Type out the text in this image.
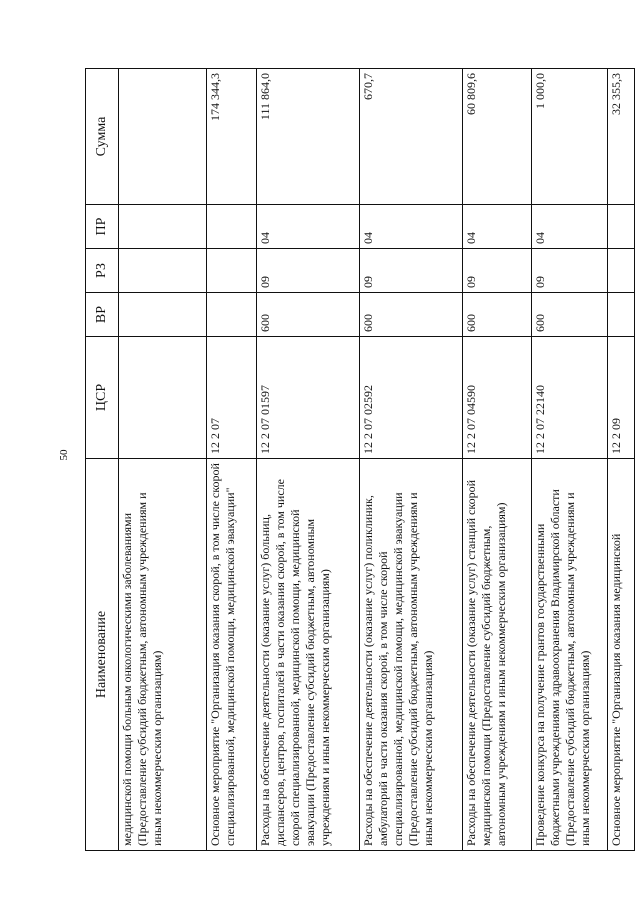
50
Наименование	ЦСР	ВР	РЗ	ПР	Сумма
медицинской помощи больным онкологическими заболеваниями (Предоставление субсидий бюджетным, автономным учреждениям и иным некоммерческим организациям)					
Основное мероприятие "Организация оказания скорой, в том числе скорой специализированной, медицинской помощи, медицинской эвакуации"	12 2 07				174 344,3
Расходы на обеспечение деятельности (оказание услуг) больниц, диспансеров, центров, госпиталей в части оказания скорой, в том числе скорой специализированной, медицинской помощи, медицинской эвакуации (Предоставление субсидий бюджетным, автономным учреждениям и иным некоммерческим организациям)	12 2 07 01597	600	09	04	111 864,0
Расходы на обеспечение деятельности (оказание услуг) поликлиник, амбулаторий в части оказания скорой, в том числе скорой специализированной, медицинской помощи, медицинской эвакуации (Предоставление субсидий бюджетным, автономным учреждениям и иным некоммерческим организациям)	12 2 07 02592	600	09	04	670,7
Расходы на обеспечение деятельности (оказание услуг) станций скорой медицинской помощи (Предоставление субсидий бюджетным, автономным учреждениям и иным некоммерческим организациям)	12 2 07 04590	600	09	04	60 809,6
Проведение конкурса на получение грантов государственными бюджетными учреждениями здравоохранения Владимирской области (Предоставление субсидий бюджетным, автономным учреждениям и иным некоммерческим организациям)	12 2 07 22140	600	09	04	1 000,0
Основное мероприятие "Организация оказания медицинской	12 2 09				32 355,3
